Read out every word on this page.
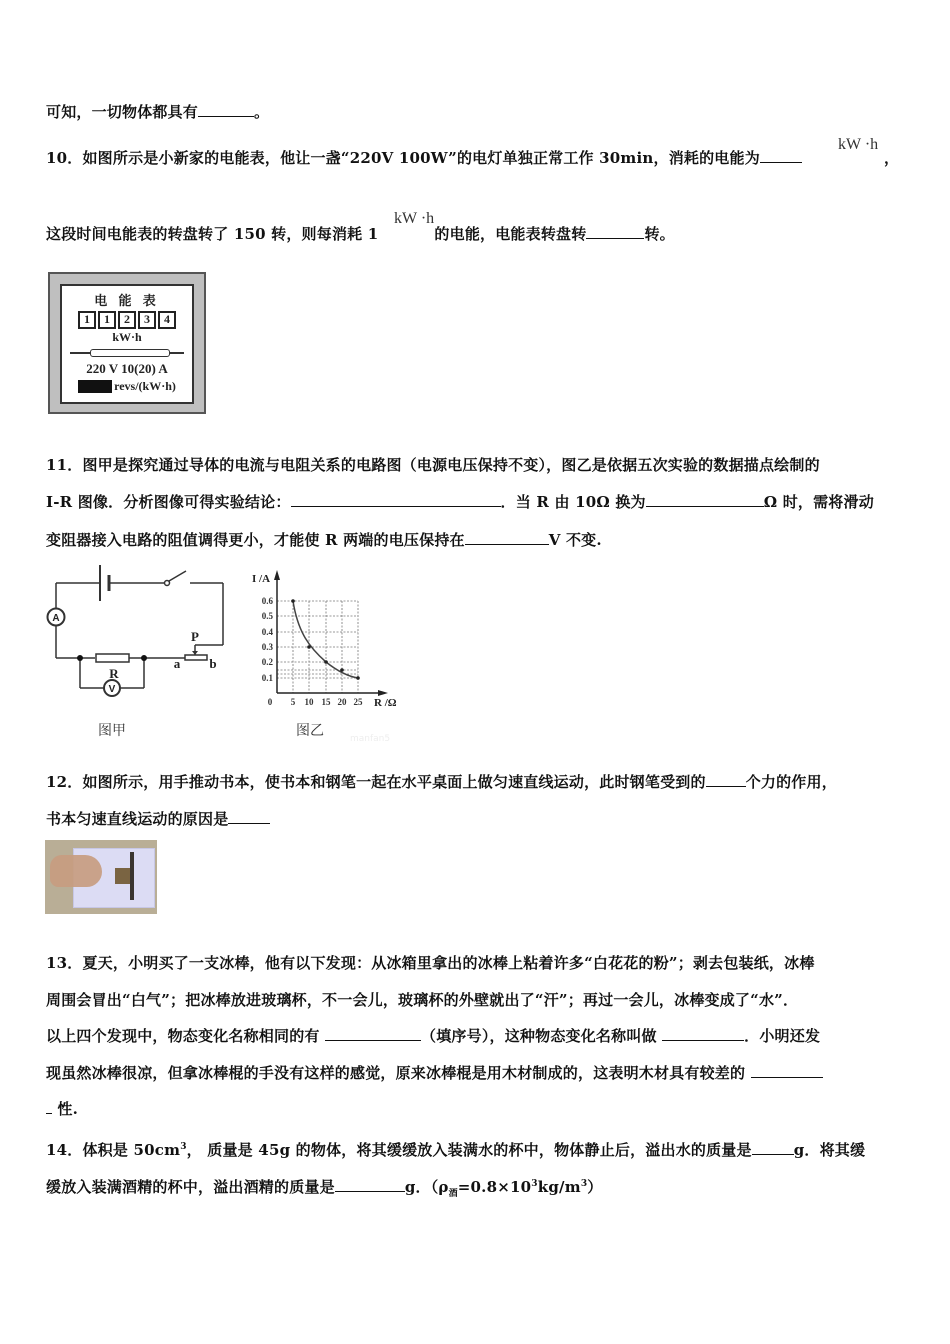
可知，一切物体都具有	。
10．如图所示是小新家的电能表，他让一盏“220V 100W”的电灯单独正常工作 30min，消耗的电能为
kW ·h
，
这段时间电能表的转盘转了 150 转，则每消耗 1	的电能，电能表转盘转	转。
kW ·h
电 能 表
1	1	2	3	4
kW·h
220 V 10(20) A
revs/(kW·h)
11．图甲是探究通过导体的电流与电阻关系的电路图（电源电压保持不变），图乙是依据五次实验的数据描点绘制的
I-R 图像．分析图像可得实验结论：	．当 R 由 10Ω 换为	Ω 时，需将滑动
变阻器接入电路的阻值调得更小，才能使 R 两端的电压保持在	V 不变.
A
V
R
P
a b
图甲
0.6
0.5
0.4
0.3
0.2
0.1
0 5 10 15 20 25
I /A
R /Ω
图乙	manfan5
12．如图所示，用手推动书本，使书本和钢笔一起在水平桌面上做匀速直线运动，此时钢笔受到的	个力的作用，
书本匀速直线运动的原因是
13．夏天，小明买了一支冰棒，他有以下发现：从冰箱里拿出的冰棒上粘着许多“白花花的粉”；剥去包装纸，冰棒
周围会冒出“白气”；把冰棒放进玻璃杯，不一会儿，玻璃杯的外壁就出了“汗”；再过一会儿，冰棒变成了“水”．
以上四个发现中，物态变化名称相同的有	（填序号），这种物态变化名称叫做	．小明还发
现虽然冰棒很凉，但拿冰棒棍的手没有这样的感觉，原来冰棒棍是用木材制成的，这表明木材具有较差的
性.
14．体积是 $50cm^3$， 质量是 45g 的物体，将其缓缓放入装满水的杯中，物体静止后，溢出水的质量是	g．将其缓
缓放入装满酒精的杯中，溢出酒精的质量是	g．$(\rho_酒=0.8\times 10^3kg/m^3)$
